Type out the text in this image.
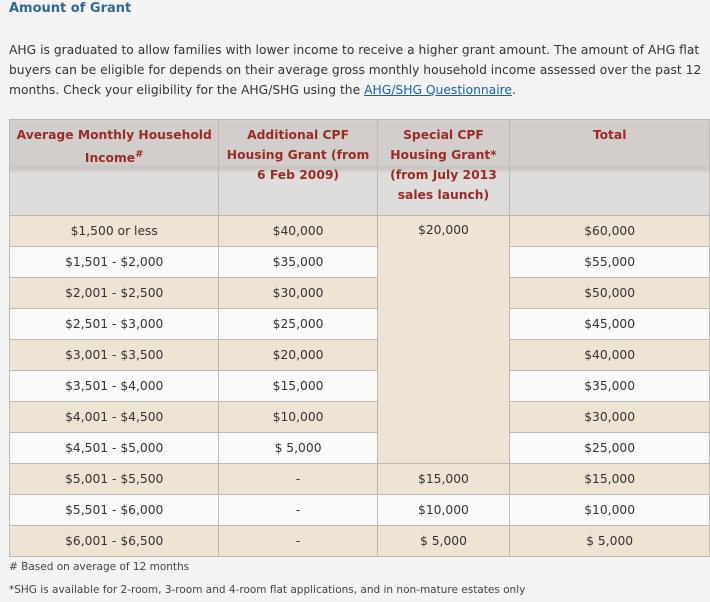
Amount of Grant
AHG is graduated to allow families with lower income to receive a higher grant amount. The amount of AHG flat buyers can be eligible for depends on their average gross monthly household income assessed over the past 12 months. Check your eligibility for the AHG/SHG using the AHG/SHG Questionnaire.
Average Monthly Household Income#	Additional CPF Housing Grant (from 6 Feb 2009)	Special CPF Housing Grant* (from July 2013 sales launch)	Total
$1,500 or less	$40,000	$20,000	$60,000
$1,501 - $2,000	$35,000		$55,000
$2,001 - $2,500	$30,000		$50,000
$2,501 - $3,000	$25,000		$45,000
$3,001 - $3,500	$20,000		$40,000
$3,501 - $4,000	$15,000		$35,000
$4,001 - $4,500	$10,000		$30,000
$4,501 - $5,000	$ 5,000		$25,000
$5,001 - $5,500	-	$15,000	$15,000
$5,501 - $6,000	-	$10,000	$10,000
$6,001 - $6,500	-	$ 5,000	$ 5,000
# Based on average of 12 months
*SHG is available for 2-room, 3-room and 4-room flat applications, and in non-mature estates only
